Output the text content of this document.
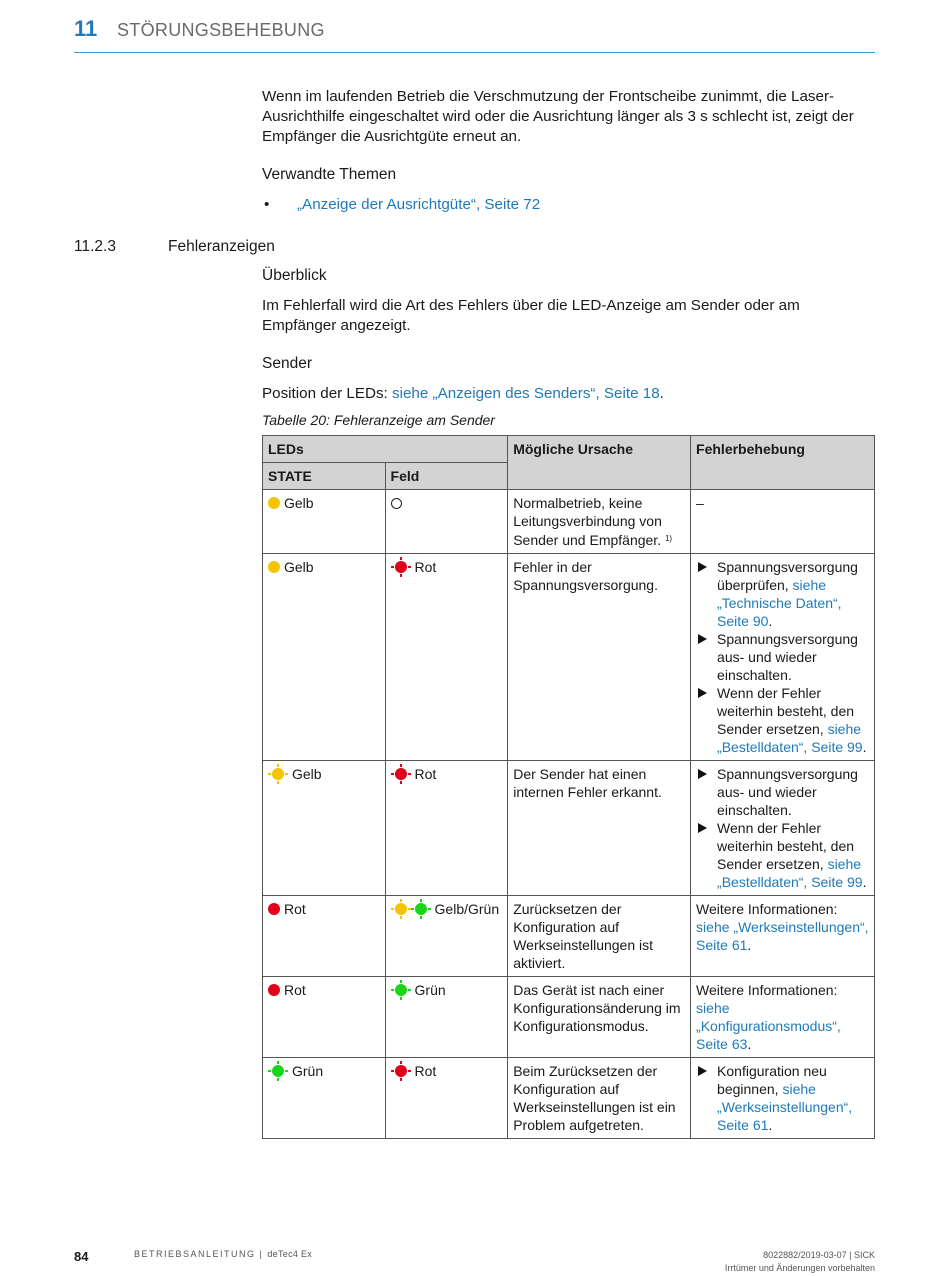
11 STÖRUNGSBEHEBUNG
Wenn im laufenden Betrieb die Verschmutzung der Frontscheibe zunimmt, die Laser-Ausrichthilfe eingeschaltet wird oder die Ausrichtung länger als 3 s schlecht ist, zeigt der Empfänger die Ausrichtgüte erneut an.
Verwandte Themen
• „Anzeige der Ausrichtgüte“, Seite 72
11.2.3	Fehleranzeigen
Überblick
Im Fehlerfall wird die Art des Fehlers über die LED-Anzeige am Sender oder am Empfänger angezeigt.
Sender
Position der LEDs: siehe „Anzeigen des Senders“, Seite 18.
Tabelle 20: Fehleranzeige am Sender
LEDs		Mögliche Ursache	Fehlerbehebung
STATE	Feld		
Gelb		Normalbetrieb, keine Leitungsverbindung von Sender und Empfänger. $^{1)}$	–
Gelb	Rot	Fehler in der Spannungsversorgung.	Spannungsversorgung überprüfen, siehe „Technische Daten“, Seite 90.
Spannungsversorgung aus- und wieder einschalten.
Wenn der Fehler weiterhin besteht, den Sender ersetzen, siehe „Bestelldaten“, Seite 99.

Gelb	Rot	Der Sender hat einen internen Fehler erkannt.	Spannungsversorgung aus- und wieder einschalten.
Wenn der Fehler weiterhin besteht, den Sender ersetzen, siehe „Bestelldaten“, Seite 99.

Rot	Gelb/Grün	Zurücksetzen der Konfiguration auf Werkseinstellungen ist aktiviert.	Weitere Informationen:
siehe „Werkseinstellungen“, Seite 61.
Rot	Grün	Das Gerät ist nach einer Konfigurationsänderung im Konfigurationsmodus.	Weitere Informationen:
siehe „Konfigurationsmodus“, Seite 63.
Grün	Rot	Beim Zurücksetzen der Konfiguration auf Werkseinstellungen ist ein Problem aufgetreten.	Konfiguration neu beginnen, siehe „Werkseinstellungen“, Seite 61.
84	BETRIEBSANLEITUNG | deTec4 Ex	8022882/2019-03-07 | SICK
Irrtümer und Änderungen vorbehalten
